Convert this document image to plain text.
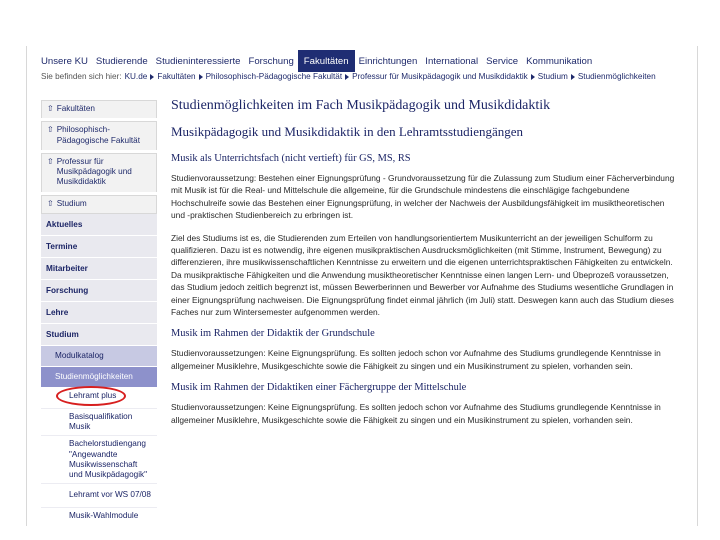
Unsere KU Studierende Studieninteressierte Forschung	Fakultäten	Einrichtungen International Service Kommunikation
Sie befinden sich hier: KU.de Fakultäten Philosophisch-Pädagogische Fakultät Professur für Musikpädagogik und Musikdidaktik Studium Studienmöglichkeiten
⇧ Fakultäten
⇧ Philosophisch-Pädagogische Fakultät
⇧ Professur für Musikpädagogik und Musikdidaktik
⇧ Studium
Aktuelles
Termine
Mitarbeiter
Forschung
Lehre
Studium
Modulkatalog
Studienmöglichkeiten
Lehramt plus
Basisqualifikation Musik
Bachelorstudiengang "Angewandte Musikwissenschaft und Musikpädagogik"
Lehramt vor WS 07/08
Musik-Wahlmodule
Studienmöglichkeiten im Fach Musikpädagogik und Musikdidaktik
Musikpädagogik und Musikdidaktik in den Lehramtsstudiengängen
Musik als Unterrichtsfach (nicht vertieft) für GS, MS, RS

Studienvoraussetzung: Bestehen einer Eignungsprüfung - Grundvoraussetzung für die Zulassung zum Studium einer Fächerverbindung mit Musik ist für die Real- und Mittelschule die allgemeine, für die Grundschule mindestens die einschlägige fachgebundene Hochschulreife sowie das Bestehen einer Eignungsprüfung, in welcher der Nachweis der Ausbildungsfähigkeit im musiktheoretischen und -praktischen Studienbereich zu erbringen ist.

Ziel des Studiums ist es, die Studierenden zum Erteilen von handlungsorientiertem Musikunterricht an der jeweiligen Schulform zu qualifizieren. Dazu ist es notwendig, ihre eigenen musikpraktischen Ausdrucksmöglichkeiten (mit Stimme, Instrument, Bewegung) zu differenzieren, ihre musikwissenschaftlichen Kenntnisse zu erweitern und die eigenen unterrichtspraktischen Fähigkeiten zu entwickeln. Da musikpraktische Fähigkeiten und die Anwendung musiktheoretischer Kenntnisse einen langen Lern- und Übeprozeß voraussetzen, das Studium jedoch zeitlich begrenzt ist, müssen Bewerberinnen und Bewerber vor Aufnahme des Studiums wesentliche Grundlagen in einer Eignungsprüfung nachweisen. Die Eignungsprüfung findet einmal jährlich (im Juli) statt. Deswegen kann auch das Studium dieses Faches nur zum Wintersemester aufgenommen werden.

Musik im Rahmen der Didaktik der Grundschule

Studienvoraussetzungen: Keine Eignungsprüfung. Es sollten jedoch schon vor Aufnahme des Studiums grundlegende Kenntnisse in allgemeiner Musiklehre, Musikgeschichte sowie die Fähigkeit zu singen und ein Musikinstrument zu spielen, vorhanden sein.

Musik im Rahmen der Didaktiken einer Fächergruppe der Mittelschule

Studienvoraussetzungen: Keine Eignungsprüfung. Es sollten jedoch schon vor Aufnahme des Studiums grundlegende Kenntnisse in allgemeiner Musiklehre, Musikgeschichte sowie die Fähigkeit zu singen und ein Musikinstrument zu spielen, vorhanden sein.
